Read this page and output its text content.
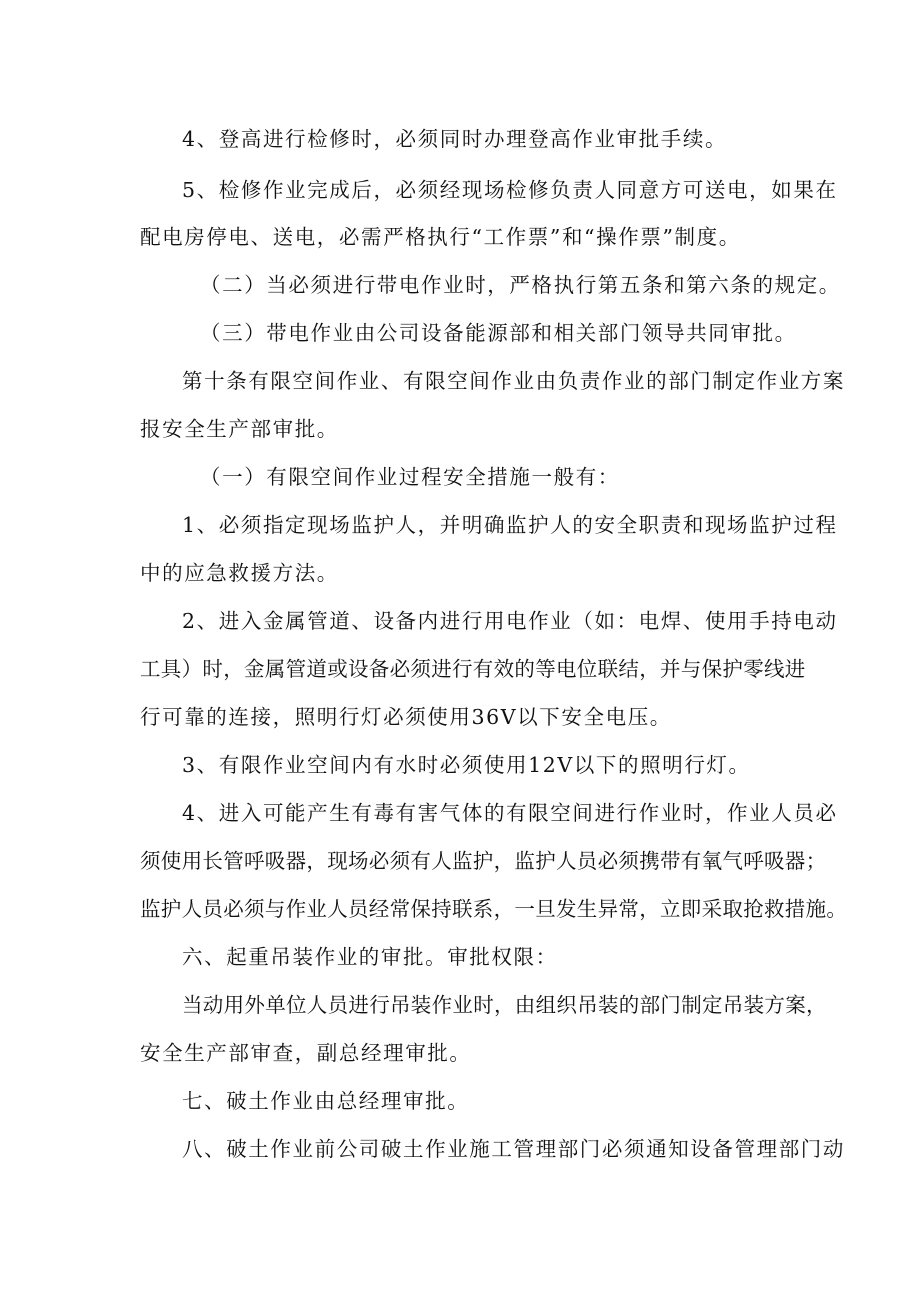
4、登高进行检修时，必须同时办理登高作业审批手续。
5、检修作业完成后，必须经现场检修负责人同意方可送电，如果在
配电房停电、送电，必需严格执行“工作票”和“操作票”制度。
（二）当必须进行带电作业时，严格执行第五条和第六条的规定。
（三）带电作业由公司设备能源部和相关部门领导共同审批。
第十条有限空间作业、有限空间作业由负责作业的部门制定作业方案
报安全生产部审批。
（一）有限空间作业过程安全措施一般有：
1、必须指定现场监护人，并明确监护人的安全职责和现场监护过程
中的应急救援方法。
2、进入金属管道、设备内进行用电作业（如：电焊、使用手持电动
工具）时，金属管道或设备必须进行有效的等电位联结，并与保护零线进
行可靠的连接，照明行灯必须使用36V以下安全电压。
3、有限作业空间内有水时必须使用12V以下的照明行灯。
4、进入可能产生有毒有害气体的有限空间进行作业时，作业人员必
须使用长管呼吸器，现场必须有人监护，监护人员必须携带有氧气呼吸器；
监护人员必须与作业人员经常保持联系，一旦发生异常，立即采取抢救措施。
六、起重吊装作业的审批。审批权限：
当动用外单位人员进行吊装作业时，由组织吊装的部门制定吊装方案，
安全生产部审查，副总经理审批。
七、破土作业由总经理审批。
八、破土作业前公司破土作业施工管理部门必须通知设备管理部门动
